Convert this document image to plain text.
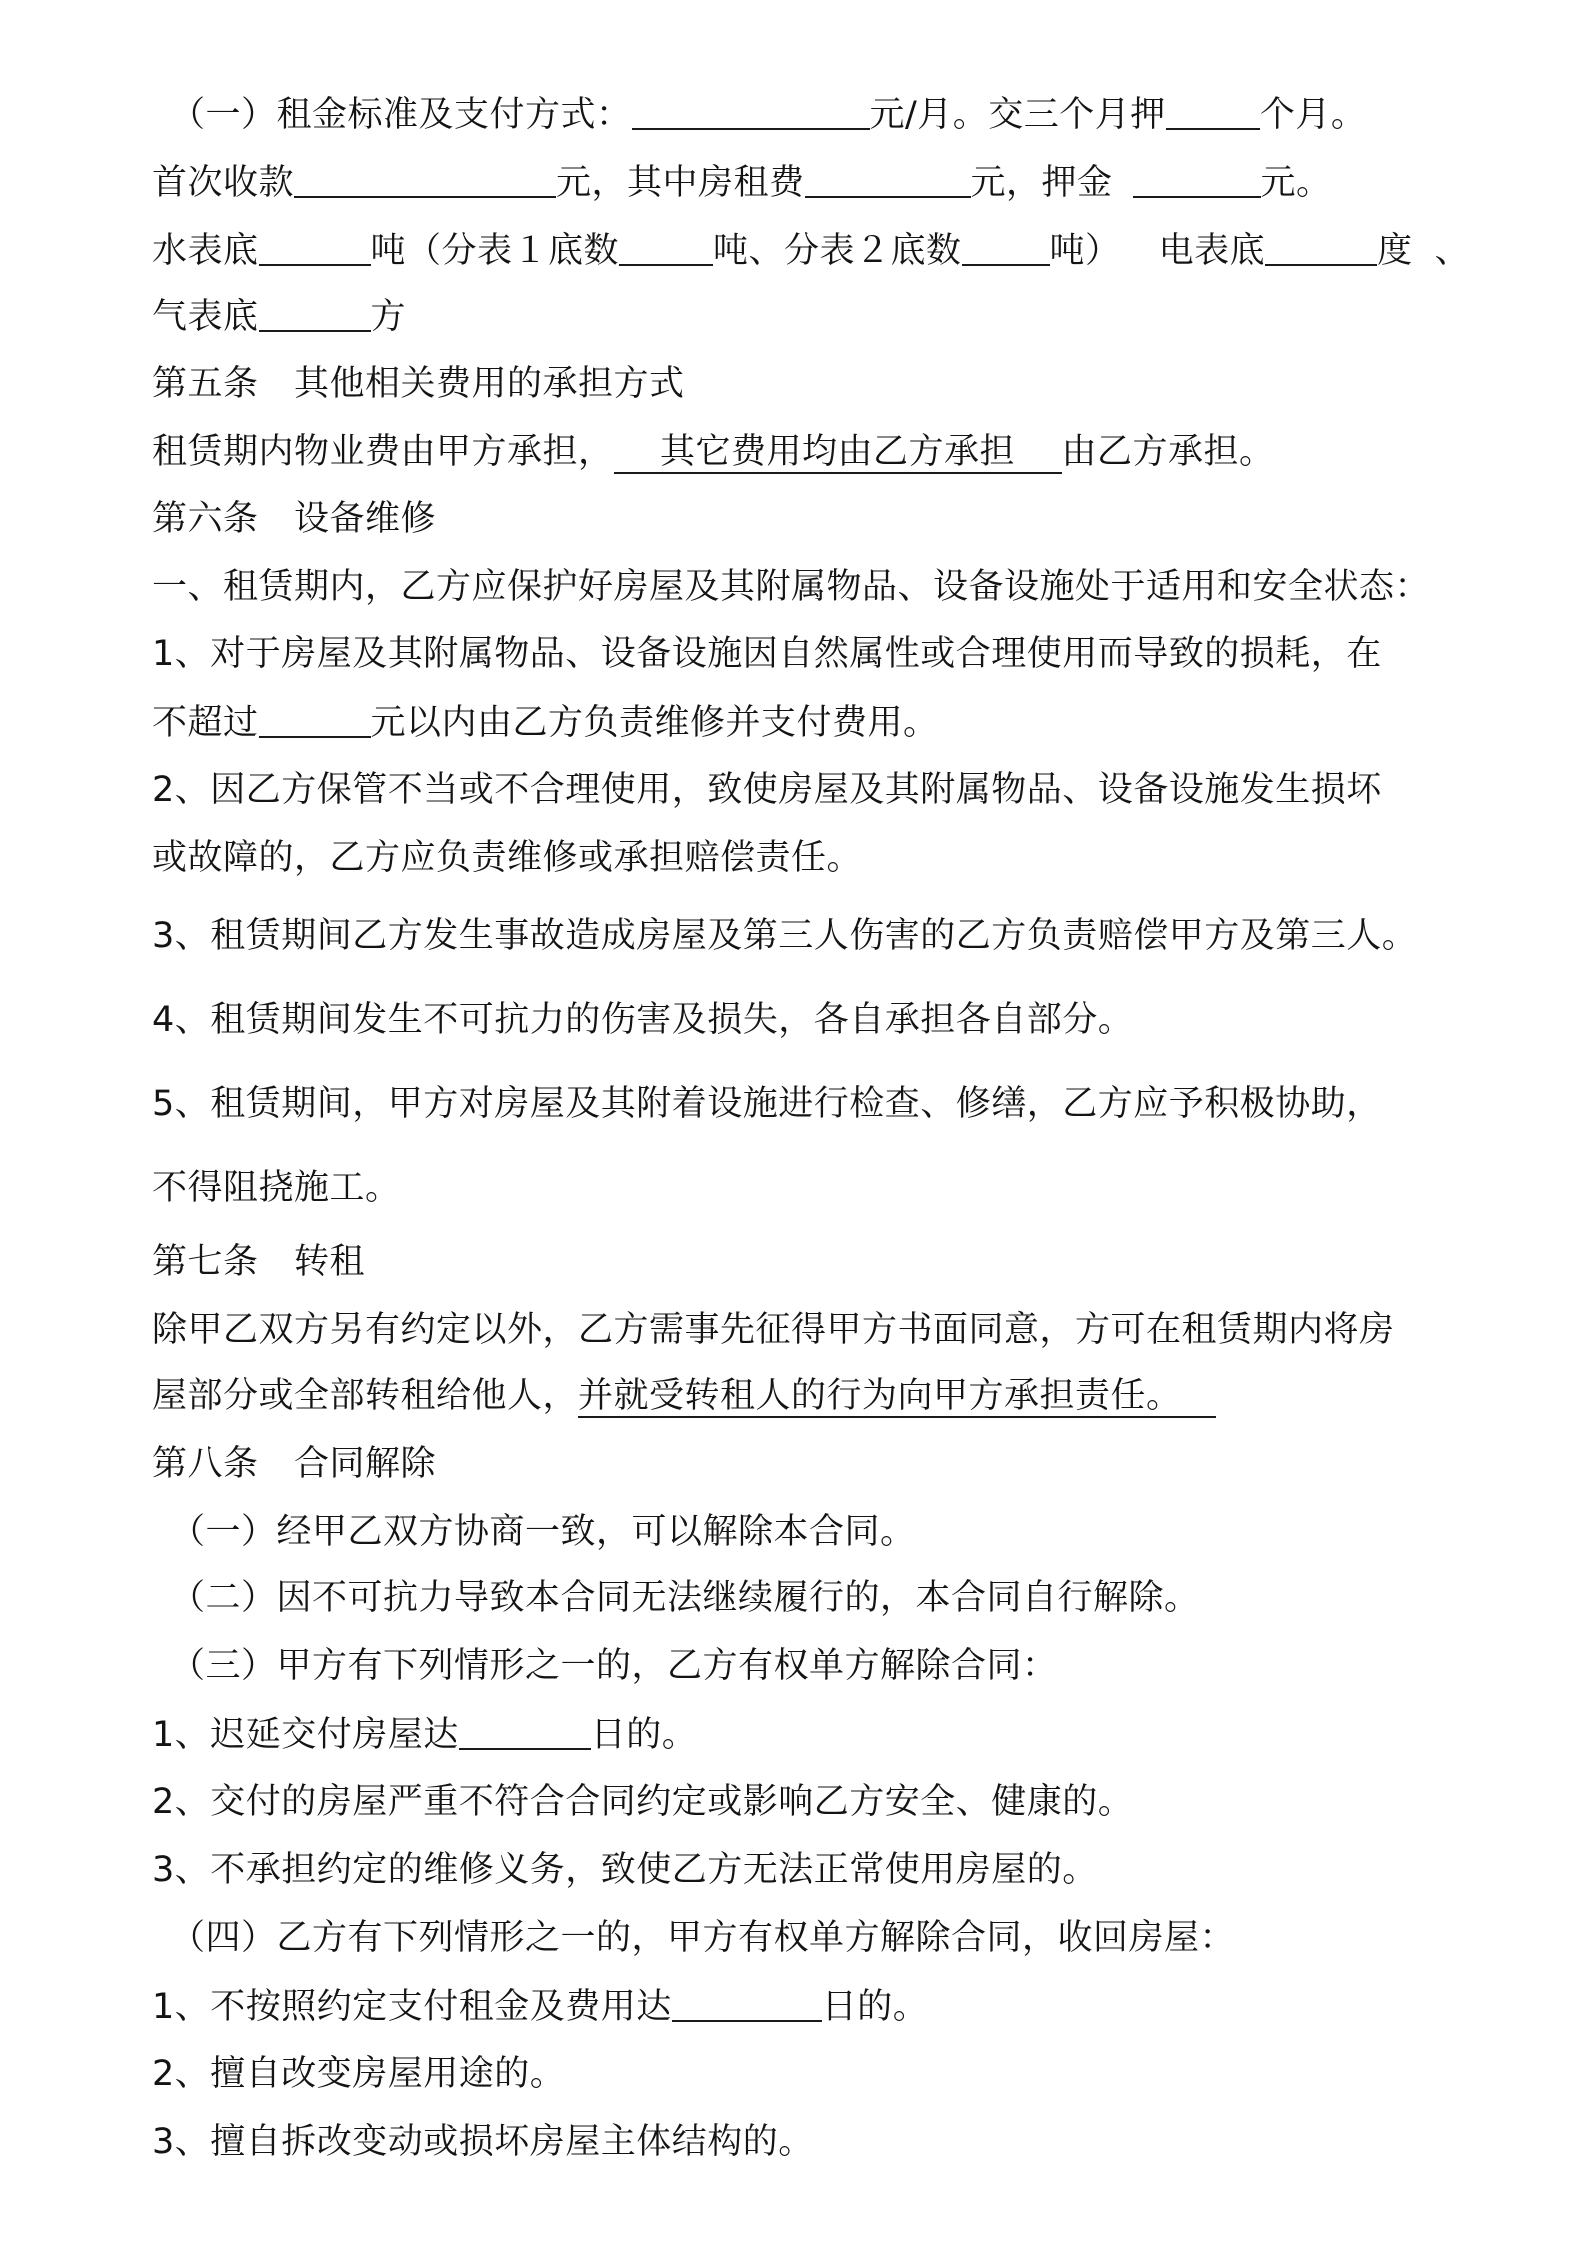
（一）租金标准及支付方式：	元/月。交三个月押	个月。
首次收款	元，其中房租费	元，押金	元。
水表底	吨（分表１底数	吨、分表２底数	吨） 电表底	度 、
气表底	方
第五条　其他相关费用的承担方式
租赁期内物业费由甲方承担， 其它费用均由乙方承担 由乙方承担。
第六条　设备维修
一、租赁期内，乙方应保护好房屋及其附属物品、设备设施处于适用和安全状态：
1、对于房屋及其附属物品、设备设施因自然属性或合理使用而导致的损耗，在
不超过	元以内由乙方负责维修并支付费用。
2、因乙方保管不当或不合理使用，致使房屋及其附属物品、设备设施发生损坏
或故障的，乙方应负责维修或承担赔偿责任。
3、租赁期间乙方发生事故造成房屋及第三人伤害的乙方负责赔偿甲方及第三人。
4、租赁期间发生不可抗力的伤害及损失，各自承担各自部分。
5、租赁期间，甲方对房屋及其附着设施进行检查、修缮，乙方应予积极协助，
不得阻挠施工。
第七条　转租
除甲乙双方另有约定以外，乙方需事先征得甲方书面同意，方可在租赁期内将房
屋部分或全部转租给他人，并就受转租人的行为向甲方承担责任。
第八条　合同解除
（一）经甲乙双方协商一致，可以解除本合同。
（二）因不可抗力导致本合同无法继续履行的，本合同自行解除。
（三）甲方有下列情形之一的，乙方有权单方解除合同：
1、迟延交付房屋达	日的。
2、交付的房屋严重不符合合同约定或影响乙方安全、健康的。
3、不承担约定的维修义务，致使乙方无法正常使用房屋的。
（四）乙方有下列情形之一的，甲方有权单方解除合同，收回房屋：
1、不按照约定支付租金及费用达	日的。
2、擅自改变房屋用途的。
3、擅自拆改变动或损坏房屋主体结构的。
